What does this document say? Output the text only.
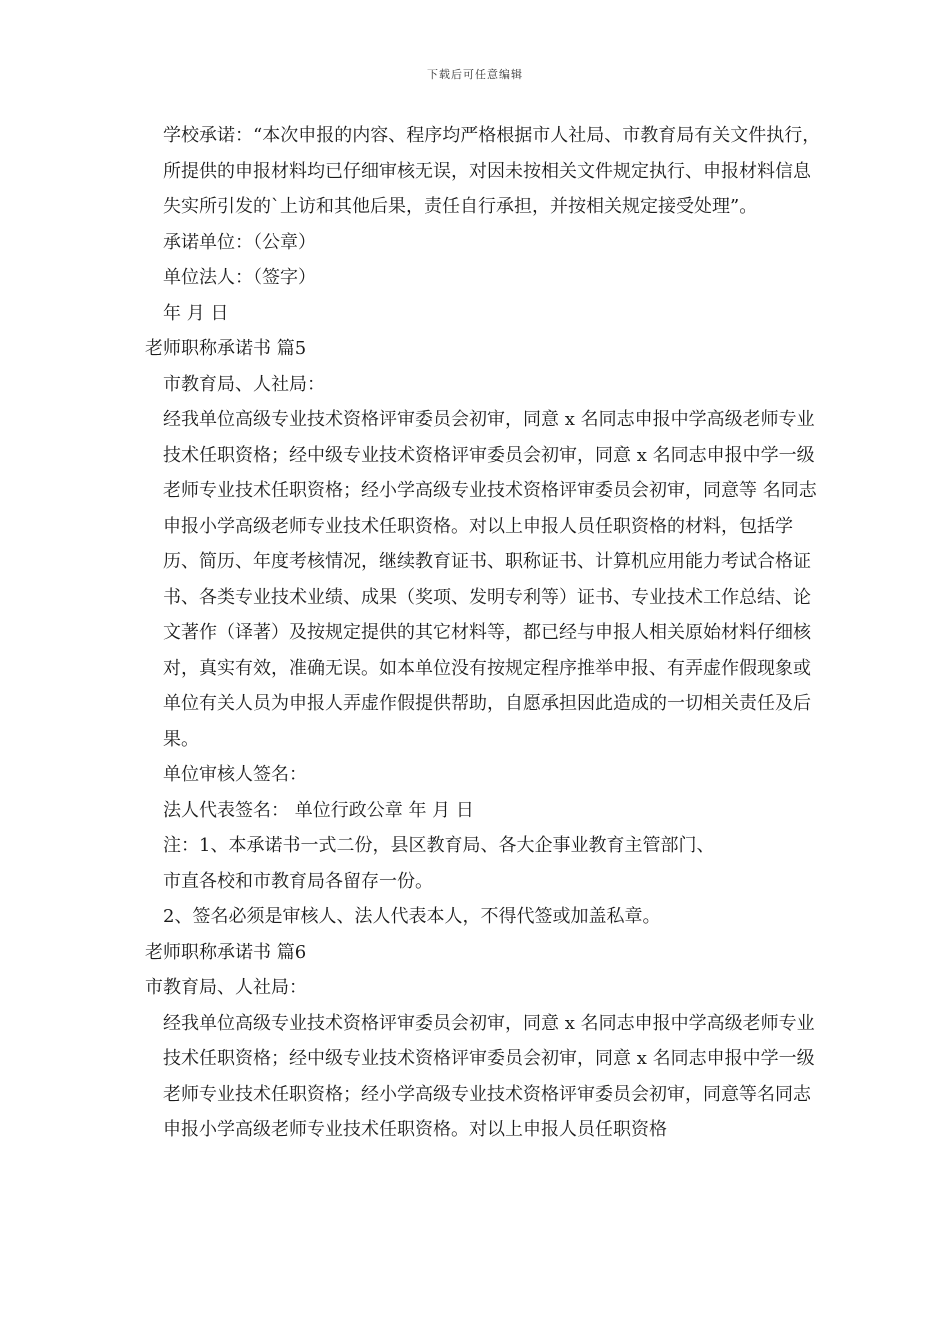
下载后可任意编辑

学校承诺：“本次申报的内容、程序均严格根据市人社局、市教育局有关文件执行，所提供的申报材料均已仔细审核无误，对因未按相关文件规定执行、申报材料信息失实所引发的`上访和其他后果，责任自行承担，并按相关规定接受处理”。

承诺单位：（公章）

单位法人：（签字）

年 月 日

老师职称承诺书 篇5

市教育局、人社局：

经我单位高级专业技术资格评审委员会初审，同意 x 名同志申报中学高级老师专业技术任职资格；经中级专业技术资格评审委员会初审，同意 x 名同志申报中学一级老师专业技术任职资格；经小学高级专业技术资格评审委员会初审，同意等 名同志申报小学高级老师专业技术任职资格。对以上申报人员任职资格的材料，包括学历、简历、年度考核情况，继续教育证书、职称证书、计算机应用能力考试合格证书、各类专业技术业绩、成果（奖项、发明专利等）证书、专业技术工作总结、论文著作（译著）及按规定提供的其它材料等，都已经与申报人相关原始材料仔细核对，真实有效，准确无误。如本单位没有按规定程序推举申报、有弄虚作假现象或单位有关人员为申报人弄虚作假提供帮助，自愿承担因此造成的一切相关责任及后果。

单位审核人签名：

法人代表签名： 单位行政公章 年 月 日

注：1、本承诺书一式二份，县区教育局、各大企事业教育主管部门、

市直各校和市教育局各留存一份。

2、签名必须是审核人、法人代表本人，不得代签或加盖私章。

老师职称承诺书 篇6

市教育局、人社局：

经我单位高级专业技术资格评审委员会初审，同意 x 名同志申报中学高级老师专业技术任职资格；经中级专业技术资格评审委员会初审，同意 x 名同志申报中学一级老师专业技术任职资格；经小学高级专业技术资格评审委员会初审，同意等名同志申报小学高级老师专业技术任职资格。对以上申报人员任职资格
